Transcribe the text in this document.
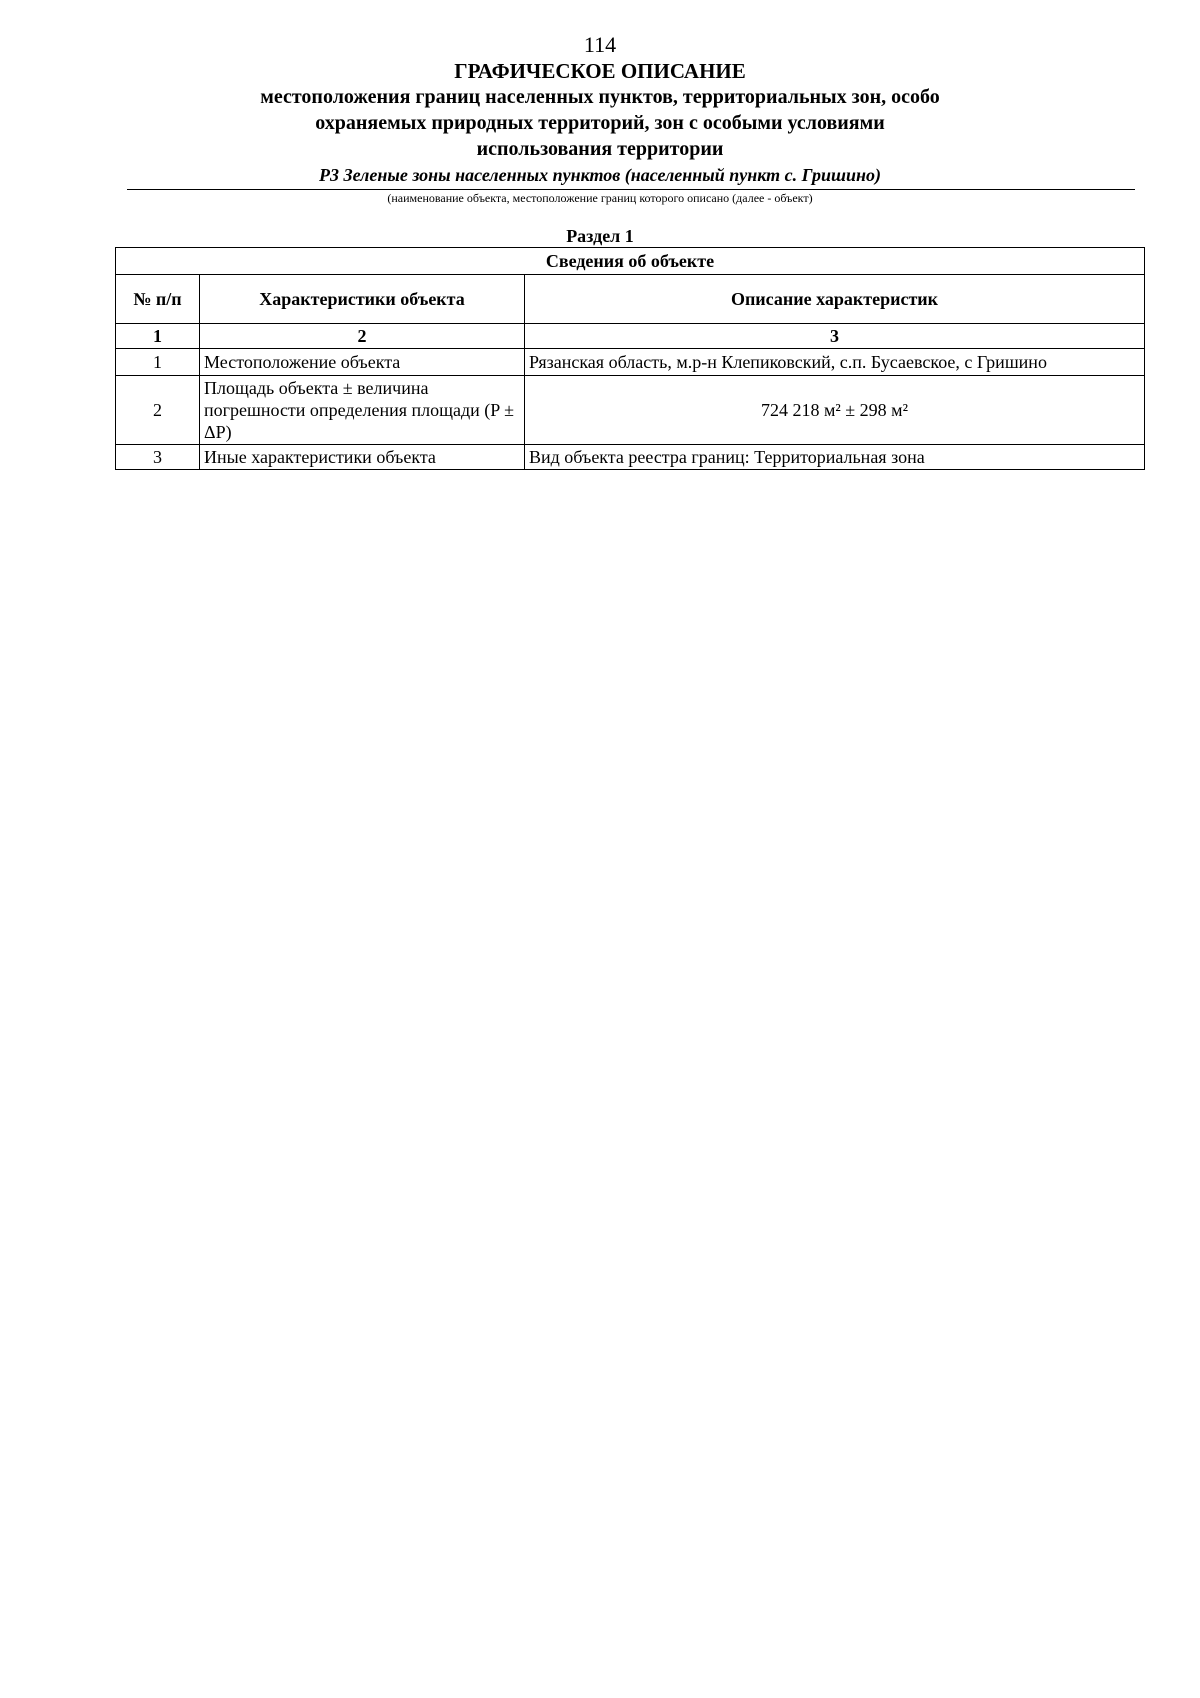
114
ГРАФИЧЕСКОЕ ОПИСАНИЕ
местоположения границ населенных пунктов, территориальных зон, особо охраняемых природных территорий, зон с особыми условиями использования территории
Р3 Зеленые зоны населенных пунктов (населенный пункт с. Гришино)
(наименование объекта, местоположение границ которого описано (далее - объект)
Раздел 1
Сведения об объекте		
№ п/п	Характеристики объекта	Описание характеристик
1	2	3
1	Местоположение объекта	Рязанская область, м.р-н Клепиковский, с.п. Бусаевское, с Гришино
2	Площадь объекта ± величина погрешности определения площади (P ± ΔP)	724 218 м² ± 298 м²
3	Иные характеристики объекта	Вид объекта реестра границ: Территориальная зона
